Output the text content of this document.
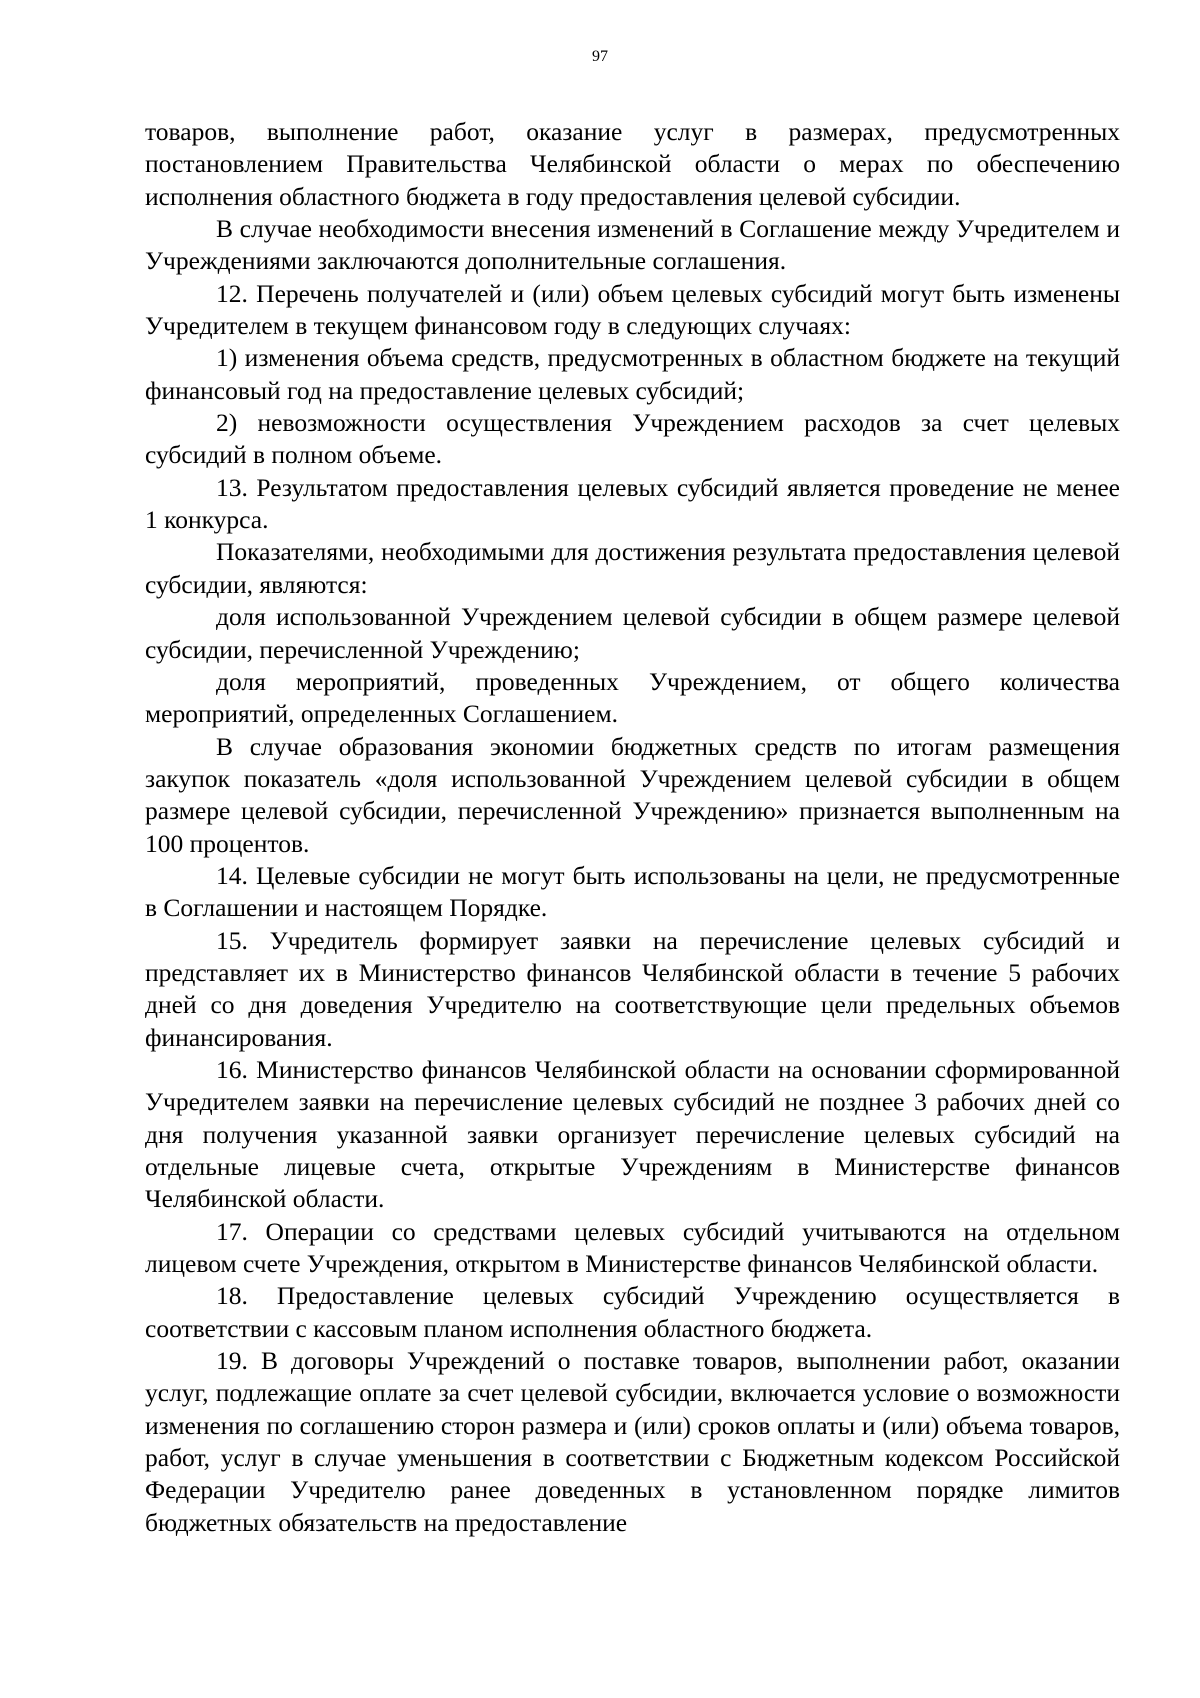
97

товаров, выполнение работ, оказание услуг в размерах, предусмотренных постановлением Правительства Челябинской области о мерах по обеспечению исполнения областного бюджета в году предоставления целевой субсидии.

В случае необходимости внесения изменений в Соглашение между Учредителем и Учреждениями заключаются дополнительные соглашения.

12. Перечень получателей и (или) объем целевых субсидий могут быть изменены Учредителем в текущем финансовом году в следующих случаях:

1) изменения объема средств, предусмотренных в областном бюджете на текущий финансовый год на предоставление целевых субсидий;

2) невозможности осуществления Учреждением расходов за счет целевых субсидий в полном объеме.

13. Результатом предоставления целевых субсидий является проведение не менее 1 конкурса.

Показателями, необходимыми для достижения результата предоставления целевой субсидии, являются:

доля использованной Учреждением целевой субсидии в общем размере целевой субсидии, перечисленной Учреждению;

доля мероприятий, проведенных Учреждением, от общего количества мероприятий, определенных Соглашением.

В случае образования экономии бюджетных средств по итогам размещения закупок показатель «доля использованной Учреждением целевой субсидии в общем размере целевой субсидии, перечисленной Учреждению» признается выполненным на 100 процентов.

14. Целевые субсидии не могут быть использованы на цели, не предусмотренные в Соглашении и настоящем Порядке.

15. Учредитель формирует заявки на перечисление целевых субсидий и представляет их в Министерство финансов Челябинской области в течение 5 рабочих дней со дня доведения Учредителю на соответствующие цели предельных объемов финансирования.

16. Министерство финансов Челябинской области на основании сформированной Учредителем заявки на перечисление целевых субсидий не позднее 3 рабочих дней со дня получения указанной заявки организует перечисление целевых субсидий на отдельные лицевые счета, открытые Учреждениям в Министерстве финансов Челябинской области.

17. Операции со средствами целевых субсидий учитываются на отдельном лицевом счете Учреждения, открытом в Министерстве финансов Челябинской области.

18. Предоставление целевых субсидий Учреждению осуществляется в соответствии с кассовым планом исполнения областного бюджета.

19. В договоры Учреждений о поставке товаров, выполнении работ, оказании услуг, подлежащие оплате за счет целевой субсидии, включается условие о возможности изменения по соглашению сторон размера и (или) сроков оплаты и (или) объема товаров, работ, услуг в случае уменьшения в соответствии с Бюджетным кодексом Российской Федерации Учредителю ранее доведенных в установленном порядке лимитов бюджетных обязательств на предоставление
